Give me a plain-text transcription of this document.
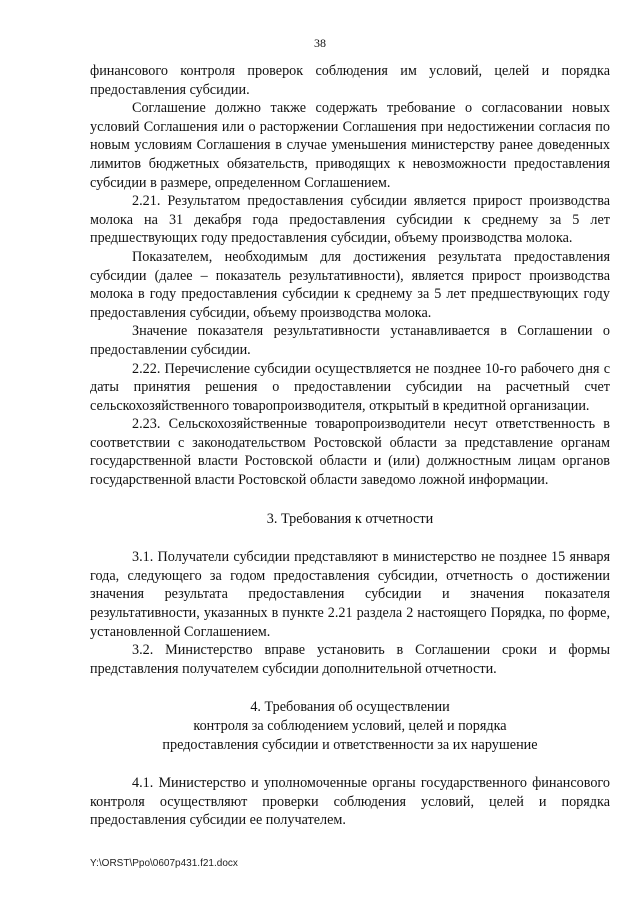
38

финансового контроля проверок соблюдения им условий, целей и порядка предоставления субсидии.

Соглашение должно также содержать требование о согласовании новых условий Соглашения или о расторжении Соглашения при недостижении согласия по новым условиям Соглашения в случае уменьшения министерству ранее доведенных лимитов бюджетных обязательств, приводящих к невозможности предоставления субсидии в размере, определенном Соглашением.

2.21. Результатом предоставления субсидии является прирост производства молока на 31 декабря года предоставления субсидии к среднему за 5 лет предшествующих году предоставления субсидии, объему производства молока.

Показателем, необходимым для достижения результата предоставления субсидии (далее – показатель результативности), является прирост производства молока в году предоставления субсидии к среднему за 5 лет предшествующих году предоставления субсидии, объему производства молока.

Значение показателя результативности устанавливается в Соглашении о предоставлении субсидии.

2.22. Перечисление субсидии осуществляется не позднее 10-го рабочего дня с даты принятия решения о предоставлении субсидии на расчетный счет сельскохозяйственного товаропроизводителя, открытый в кредитной организации.

2.23. Сельскохозяйственные товаропроизводители несут ответственность в соответствии с законодательством Ростовской области за представление органам государственной власти Ростовской области и (или) должностным лицам органов государственной власти Ростовской области заведомо ложной информации.

3. Требования к отчетности

3.1. Получатели субсидии представляют в министерство не позднее 15 января года, следующего за годом предоставления субсидии, отчетность о достижении значения результата предоставления субсидии и значения показателя результативности, указанных в пункте 2.21 раздела 2 настоящего Порядка, по форме, установленной Соглашением.

3.2. Министерство вправе установить в Соглашении сроки и формы представления получателем субсидии дополнительной отчетности.

4. Требования об осуществлении

контроля за соблюдением условий, целей и порядка

предоставления субсидии и ответственности за их нарушение

4.1. Министерство и уполномоченные органы государственного финансового контроля осуществляют проверки соблюдения условий, целей и порядка предоставления субсидии ее получателем.

Y:\ORST\Ppo\0607p431.f21.docx
